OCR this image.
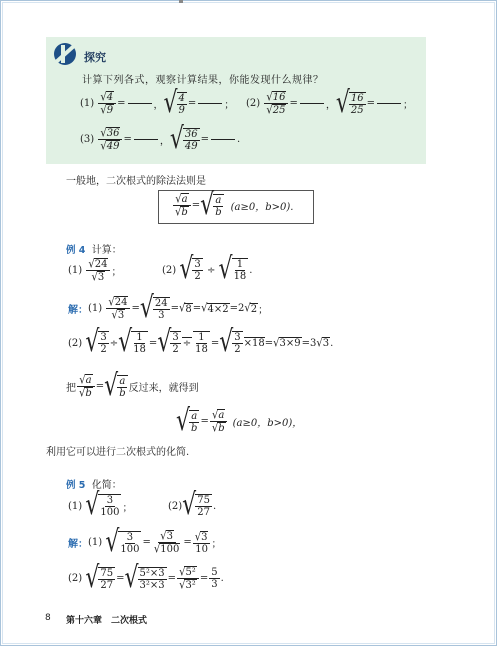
探究
计算下列各式，观察计算结果，你能发现什么规律？
(1)
$\frac{√4}{√9}$ =	， √ $\frac{4}{9}$ =	； (2)
$\frac{√16}{√25}$ =	， √ $\frac{16}{25}$ =	；
(3)
$\frac{√36}{√49}$ =	， √ $\frac{36}{49}$ =	.
一般地，二次根式的除法法则是
$\frac{√a}{√b}$ = √ $\frac{a}{b} (a\ge 0$，b>0).
例 4 计算：
(1)
$\frac{√24}{√3}$ ；	(2)
√ $\frac{3}{2}$ ÷ √ $\frac{1}{18}$ .
解： (1)
$\frac{√24}{√3}$ = √ $\frac{24}{3}$ = √ 8 = √ 4×2 = 2 √ 2 ；
(2)
√ $\frac{3}{2}$ ÷ √ $\frac{1}{18}$ = √ $\frac{3}{2} \div \frac{1}{18}$ = √ $\frac{3}{2} \times 18$ = √ 3×9 =3 √ 3 .
把 $\frac{√a}{√b}$ = √ $\frac{a}{b}$ 反过来，就得到
√ $\frac{a}{b} = \frac{√a}{√b} (a\ge 0$，b>0)，
利用它可以进行二次根式的化简.
例 5 化简：
(1)
√ $\frac{3}{100}$ ；	(2) √ $\frac{75}{27}$ .
解： (1)
√ $\frac{3}{100} = \frac{√3}{√100} = \frac{√3}{10}$ ；
(2)
√ $\frac{75}{27}$ = √ $\frac{\text{5²×3}}{\text{3²×3}} = \frac{\text{√5²}}{\text{√3²}} = \frac{5}{3}$ .
8 第十六章　二次根式
